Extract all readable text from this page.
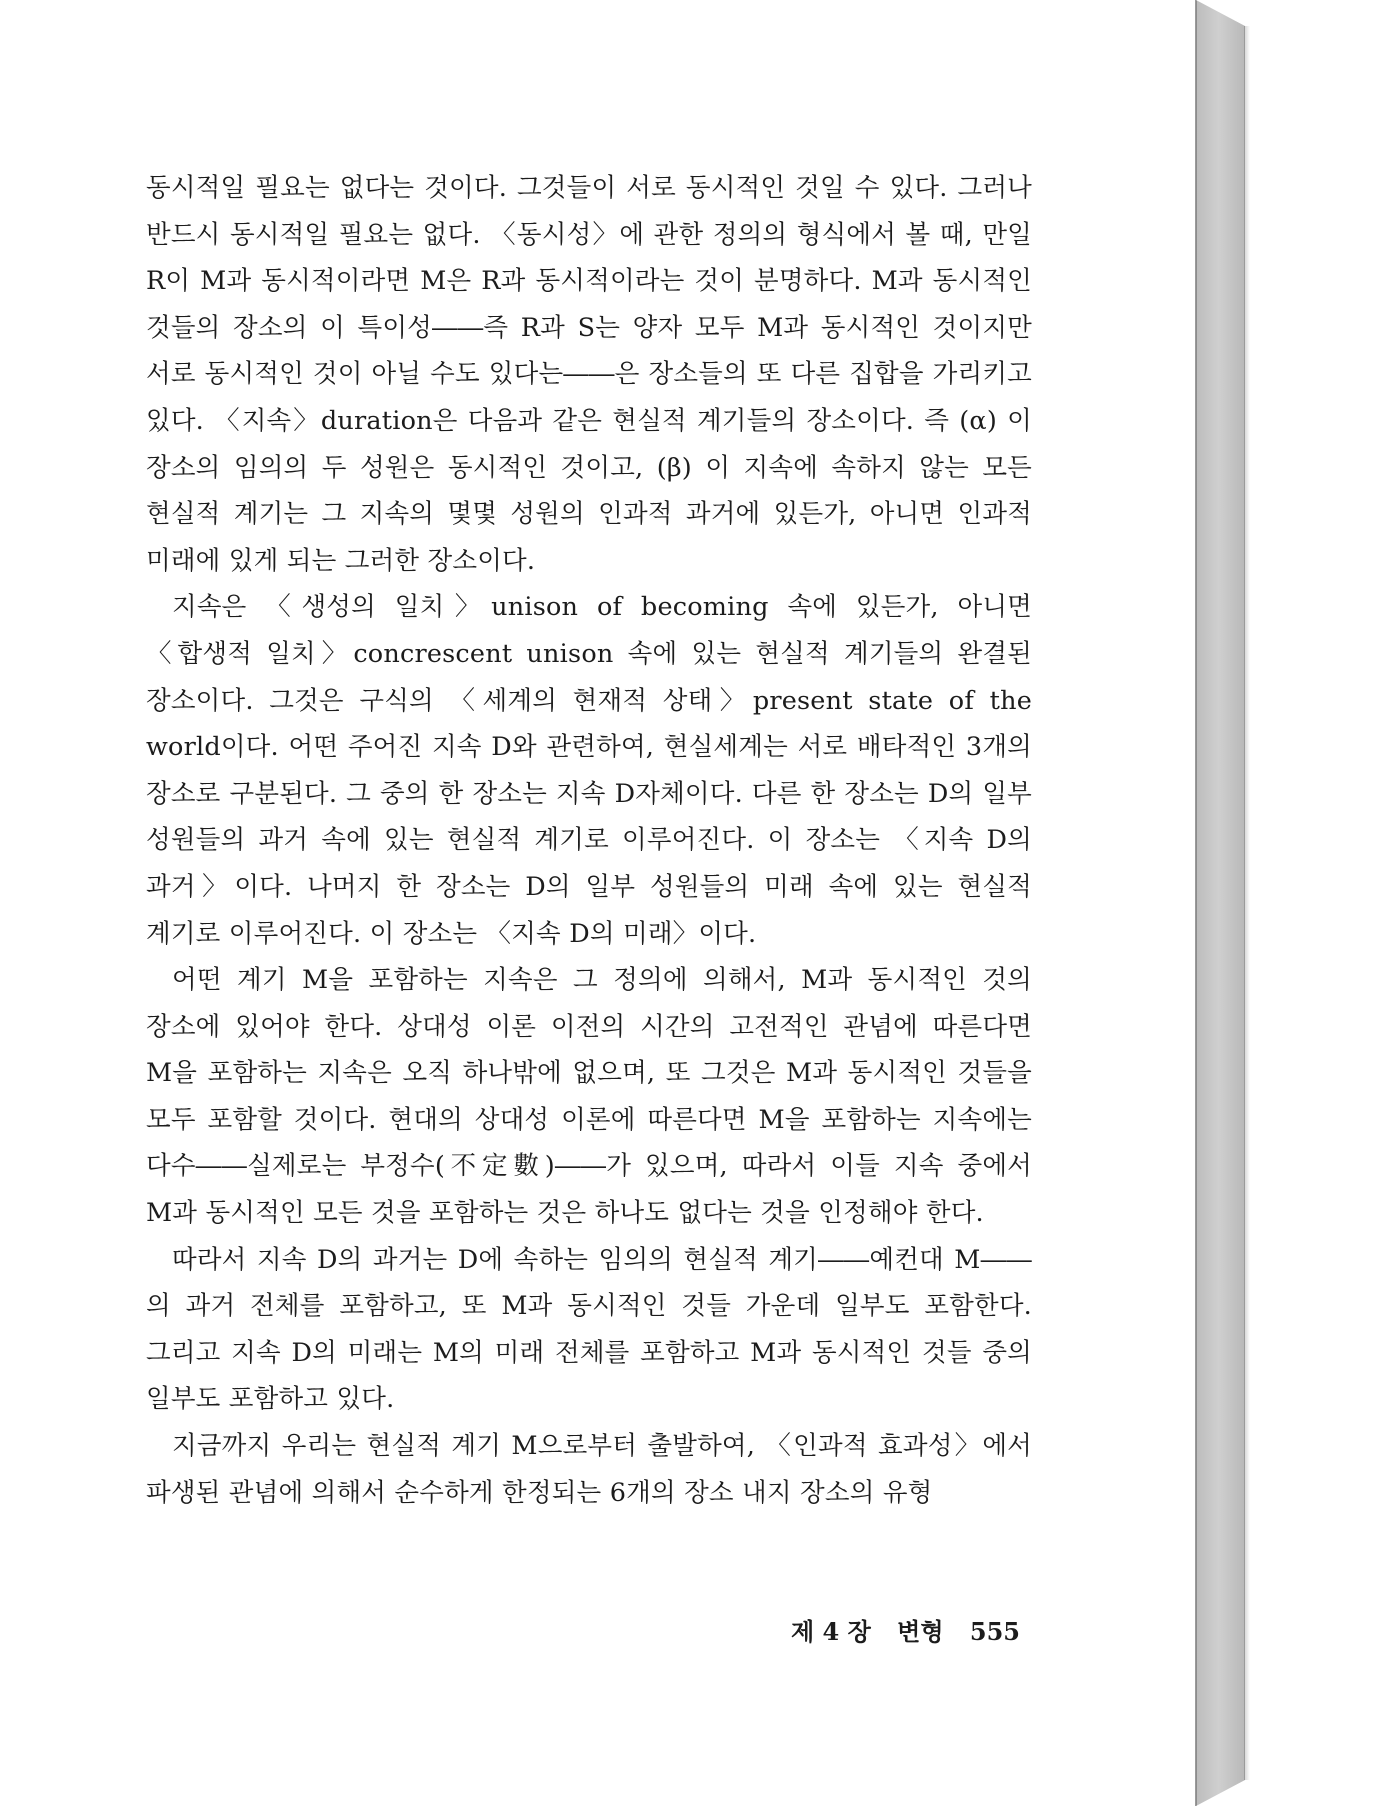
동시적일 필요는 없다는 것이다. 그것들이 서로 동시적인 것일 수 있다. 그러나 반드시 동시적일 필요는 없다. 〈동시성〉에 관한 정의의 형식에서 볼 때, 만일 R이 M과 동시적이라면 M은 R과 동시적이라는 것이 분명하다. M과 동시적인 것들의 장소의 이 특이성――즉 R과 S는 양자 모두 M과 동시적인 것이지만 서로 동시적인 것이 아닐 수도 있다는――은 장소들의 또 다른 집합을 가리키고 있다. 〈지속〉duration은 다음과 같은 현실적 계기들의 장소이다. 즉 (α) 이 장소의 임의의 두 성원은 동시적인 것이고, (β) 이 지속에 속하지 않는 모든 현실적 계기는 그 지속의 몇몇 성원의 인과적 과거에 있든가, 아니면 인과적 미래에 있게 되는 그러한 장소이다.

지속은 〈생성의 일치〉unison of becoming 속에 있든가, 아니면 〈합생적 일치〉concrescent unison 속에 있는 현실적 계기들의 완결된 장소이다. 그것은 구식의 〈세계의 현재적 상태〉present state of the world이다. 어떤 주어진 지속 D와 관련하여, 현실세계는 서로 배타적인 3개의 장소로 구분된다. 그 중의 한 장소는 지속 D자체이다. 다른 한 장소는 D의 일부 성원들의 과거 속에 있는 현실적 계기로 이루어진다. 이 장소는 〈지속 D의 과거〉이다. 나머지 한 장소는 D의 일부 성원들의 미래 속에 있는 현실적 계기로 이루어진다. 이 장소는 〈지속 D의 미래〉이다.

어떤 계기 M을 포함하는 지속은 그 정의에 의해서, M과 동시적인 것의 장소에 있어야 한다. 상대성 이론 이전의 시간의 고전적인 관념에 따른다면 M을 포함하는 지속은 오직 하나밖에 없으며, 또 그것은 M과 동시적인 것들을 모두 포함할 것이다. 현대의 상대성 이론에 따른다면 M을 포함하는 지속에는 다수――실제로는 부정수(不定數)――가 있으며, 따라서 이들 지속 중에서 M과 동시적인 모든 것을 포함하는 것은 하나도 없다는 것을 인정해야 한다.

따라서 지속 D의 과거는 D에 속하는 임의의 현실적 계기――예컨대 M――의 과거 전체를 포함하고, 또 M과 동시적인 것들 가운데 일부도 포함한다. 그리고 지속 D의 미래는 M의 미래 전체를 포함하고 M과 동시적인 것들 중의 일부도 포함하고 있다.

지금까지 우리는 현실적 계기 M으로부터 출발하여, 〈인과적 효과성〉에서 파생된 관념에 의해서 순수하게 한정되는 6개의 장소 내지 장소의 유형

제 4 장 변형 555
